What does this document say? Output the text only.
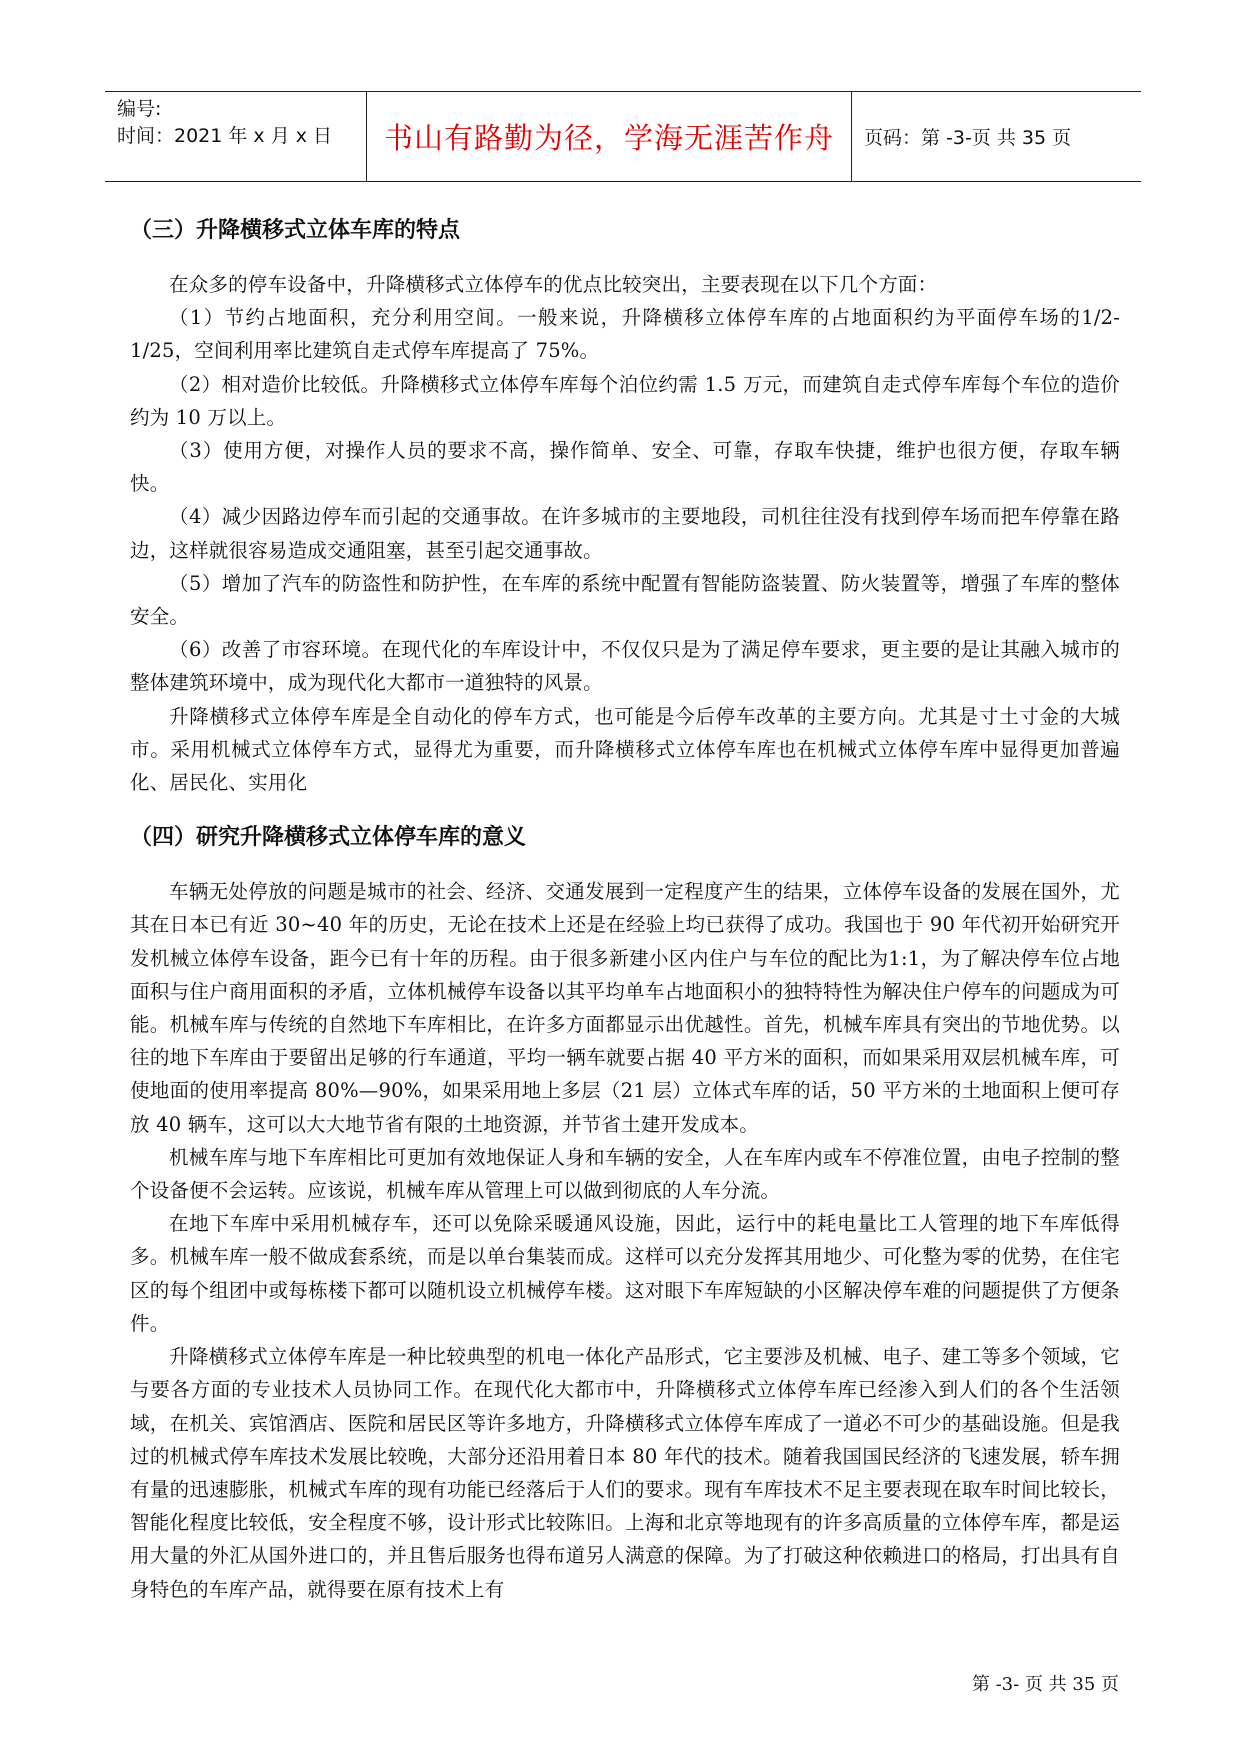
编号:
时间：2021 年 x 月 x 日	书山有路勤为径，学海无涯苦作舟	页码：第 -3-页 共 35 页
（三）升降横移式立体车库的特点

在众多的停车设备中，升降横移式立体停车的优点比较突出，主要表现在以下几个方面：

（1）节约占地面积，充分利用空间。一般来说，升降横移立体停车库的占地面积约为平面停车场的1/2-1/25，空间利用率比建筑自走式停车库提高了 75%。

（2）相对造价比较低。升降横移式立体停车库每个泊位约需 1.5 万元，而建筑自走式停车库每个车位的造价约为 10 万以上。

（3）使用方便，对操作人员的要求不高，操作简单、安全、可靠，存取车快捷，维护也很方便，存取车辆快。

（4）减少因路边停车而引起的交通事故。在许多城市的主要地段，司机往往没有找到停车场而把车停靠在路边，这样就很容易造成交通阻塞，甚至引起交通事故。

（5）增加了汽车的防盗性和防护性，在车库的系统中配置有智能防盗装置、防火装置等，增强了车库的整体安全。

（6）改善了市容环境。在现代化的车库设计中，不仅仅只是为了满足停车要求，更主要的是让其融入城市的整体建筑环境中，成为现代化大都市一道独特的风景。

升降横移式立体停车库是全自动化的停车方式，也可能是今后停车改革的主要方向。尤其是寸土寸金的大城市。采用机械式立体停车方式，显得尤为重要，而升降横移式立体停车库也在机械式立体停车库中显得更加普遍化、居民化、实用化

（四）研究升降横移式立体停车库的意义

车辆无处停放的问题是城市的社会、经济、交通发展到一定程度产生的结果，立体停车设备的发展在国外，尤其在日本已有近 30~40 年的历史，无论在技术上还是在经验上均已获得了成功。我国也于 90 年代初开始研究开发机械立体停车设备，距今已有十年的历程。由于很多新建小区内住户与车位的配比为1:1，为了解决停车位占地面积与住户商用面积的矛盾，立体机械停车设备以其平均单车占地面积小的独特特性为解决住户停车的问题成为可能。机械车库与传统的自然地下车库相比，在许多方面都显示出优越性。首先，机械车库具有突出的节地优势。以往的地下车库由于要留出足够的行车通道，平均一辆车就要占据 40 平方米的面积，而如果采用双层机械车库，可使地面的使用率提高 80%—90%，如果采用地上多层（21 层）立体式车库的话，50 平方米的土地面积上便可存放 40 辆车，这可以大大地节省有限的土地资源，并节省土建开发成本。

机械车库与地下车库相比可更加有效地保证人身和车辆的安全，人在车库内或车不停准位置，由电子控制的整个设备便不会运转。应该说，机械车库从管理上可以做到彻底的人车分流。

在地下车库中采用机械存车，还可以免除采暖通风设施，因此，运行中的耗电量比工人管理的地下车库低得多。机械车库一般不做成套系统，而是以单台集装而成。这样可以充分发挥其用地少、可化整为零的优势，在住宅区的每个组团中或每栋楼下都可以随机设立机械停车楼。这对眼下车库短缺的小区解决停车难的问题提供了方便条件。

升降横移式立体停车库是一种比较典型的机电一体化产品形式，它主要涉及机械、电子、建工等多个领域，它与要各方面的专业技术人员协同工作。在现代化大都市中，升降横移式立体停车库已经渗入到人们的各个生活领域，在机关、宾馆酒店、医院和居民区等许多地方，升降横移式立体停车库成了一道必不可少的基础设施。但是我过的机械式停车库技术发展比较晚，大部分还沿用着日本 80 年代的技术。随着我国国民经济的飞速发展，轿车拥有量的迅速膨胀，机械式车库的现有功能已经落后于人们的要求。现有车库技术不足主要表现在取车时间比较长，智能化程度比较低，安全程度不够，设计形式比较陈旧。上海和北京等地现有的许多高质量的立体停车库，都是运用大量的外汇从国外进口的，并且售后服务也得布道另人满意的保障。为了打破这种依赖进口的格局，打出具有自身特色的车库产品，就得要在原有技术上有

第 -3- 页 共 35 页
